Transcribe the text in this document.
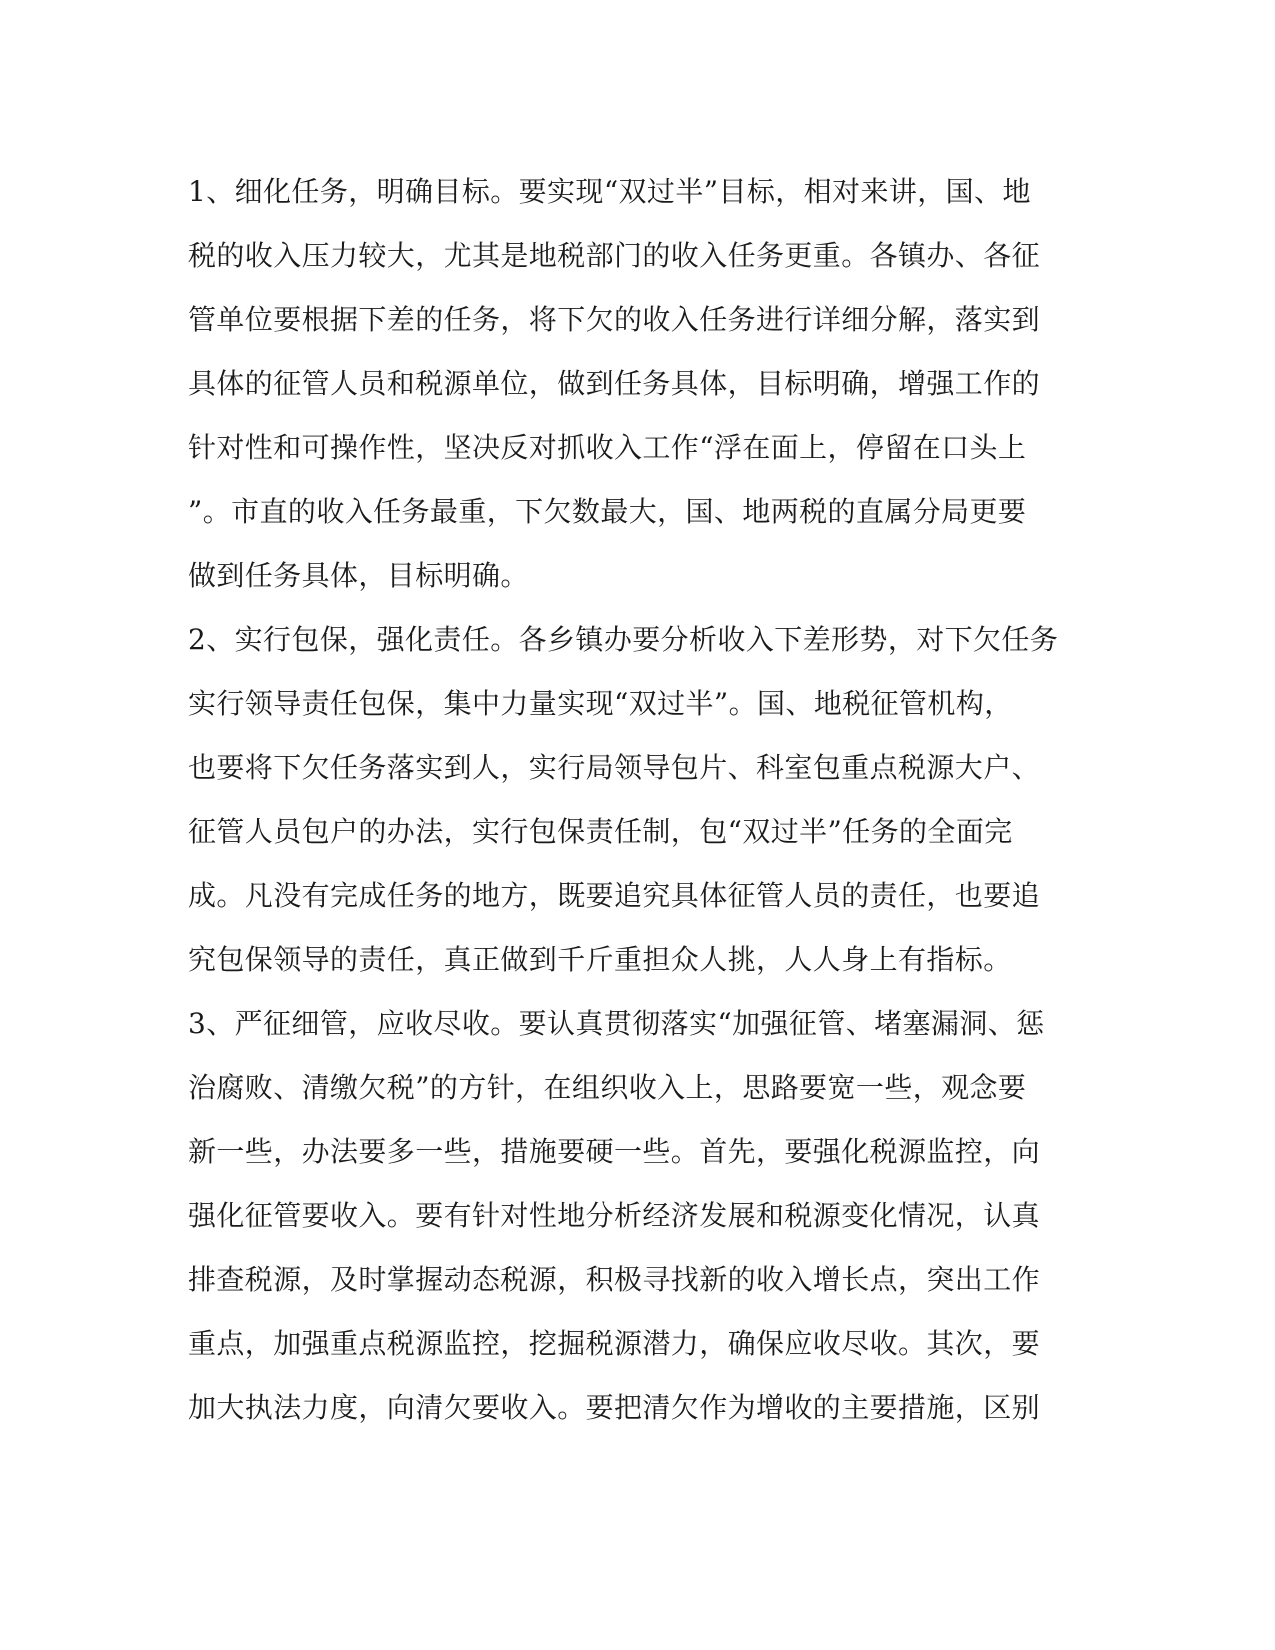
1、细化任务，明确目标。要实现“双过半”目标，相对来讲，国、地
税的收入压力较大，尤其是地税部门的收入任务更重。各镇办、各征
管单位要根据下差的任务，将下欠的收入任务进行详细分解，落实到
具体的征管人员和税源单位，做到任务具体，目标明确，增强工作的
针对性和可操作性，坚决反对抓收入工作“浮在面上，停留在口头上
”。市直的收入任务最重，下欠数最大，国、地两税的直属分局更要
做到任务具体，目标明确。
2、实行包保，强化责任。各乡镇办要分析收入下差形势，对下欠任务
实行领导责任包保，集中力量实现“双过半”。国、地税征管机构，
也要将下欠任务落实到人，实行局领导包片、科室包重点税源大户、
征管人员包户的办法，实行包保责任制，包“双过半”任务的全面完
成。凡没有完成任务的地方，既要追究具体征管人员的责任，也要追
究包保领导的责任，真正做到千斤重担众人挑，人人身上有指标。
3、严征细管，应收尽收。要认真贯彻落实“加强征管、堵塞漏洞、惩
治腐败、清缴欠税”的方针，在组织收入上，思路要宽一些，观念要
新一些，办法要多一些，措施要硬一些。首先，要强化税源监控，向
强化征管要收入。要有针对性地分析经济发展和税源变化情况，认真
排查税源，及时掌握动态税源，积极寻找新的收入增长点，突出工作
重点，加强重点税源监控，挖掘税源潜力，确保应收尽收。其次，要
加大执法力度，向清欠要收入。要把清欠作为增收的主要措施，区别
